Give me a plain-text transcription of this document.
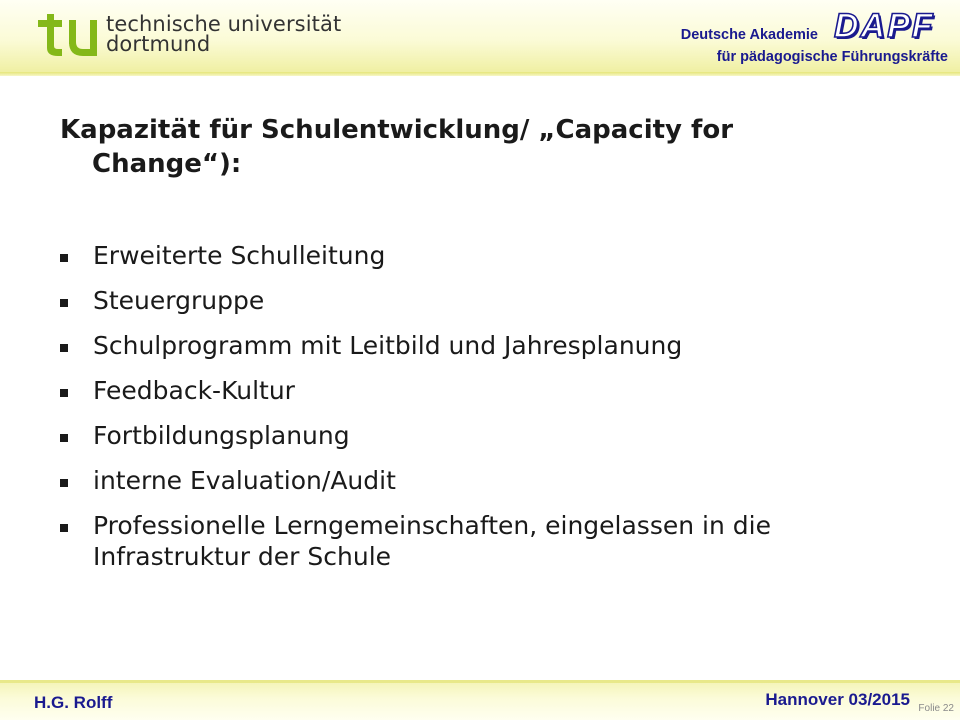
technische universität
dortmund	Deutsche Akademie DAPF
für pädagogische Führungskräfte
Kapazität für Schulentwicklung/ „Capacity for
Change“):
Erweiterte Schulleitung
Steuergruppe
Schulprogramm mit Leitbild und Jahresplanung
Feedback-Kultur
Fortbildungsplanung
interne Evaluation/Audit
Professionelle Lerngemeinschaften, eingelassen in die
Infrastruktur der Schule
H.G. Rolff	Hannover 03/2015 Folie 22
